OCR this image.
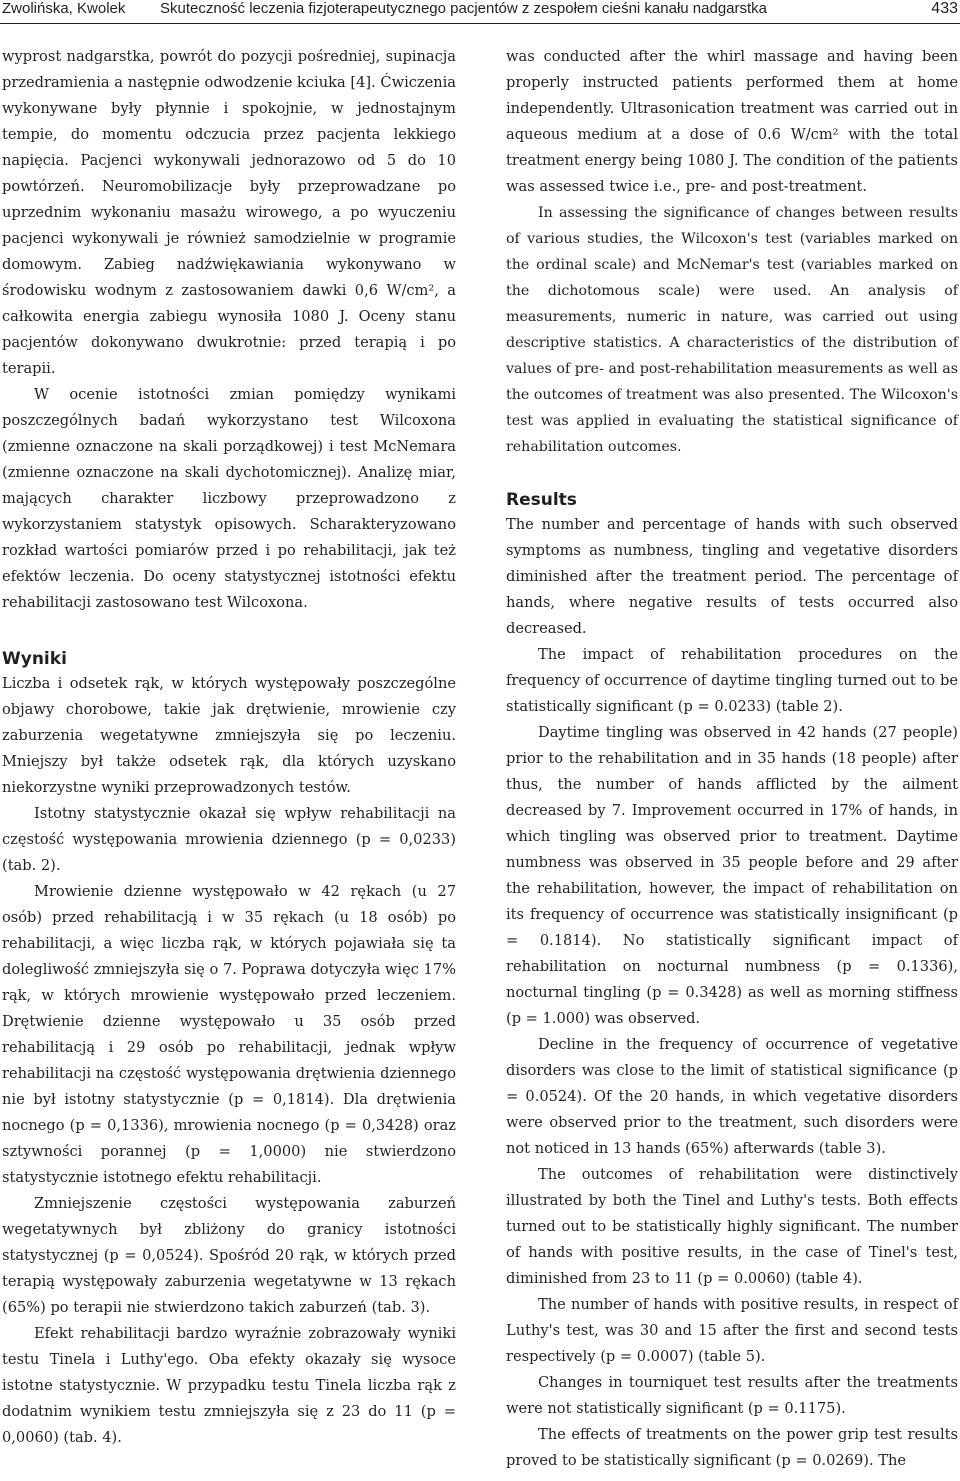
Zwolińska, Kwolek Skuteczność leczenia fizjoterapeutycznego pacjentów z zespołem cieśni kanału nadgarstka	433

wyprost nadgarstka, powrót do pozycji pośredniej, supinacja przedramienia a następnie odwodzenie kciuka [4]. Ćwiczenia wykonywane były płynnie i spokojnie, w jednostajnym tempie, do momentu odczucia przez pacjenta lekkiego napięcia. Pacjenci wykonywali jednorazowo od 5 do 10 powtórzeń. Neuromobilizacje były przeprowadzane po uprzednim wykonaniu masażu wirowego, a po wyuczeniu pacjenci wykonywali je również samodzielnie w programie domowym. Zabieg nadźwiękawiania wykonywano w środowisku wodnym z zastosowaniem dawki 0,6 W/cm², a całkowita energia zabiegu wynosiła 1080 J. Oceny stanu pacjentów dokonywano dwukrotnie: przed terapią i po terapii.

W ocenie istotności zmian pomiędzy wynikami poszczególnych badań wykorzystano test Wilcoxona (zmienne oznaczone na skali porządkowej) i test McNemara (zmienne oznaczone na skali dychotomicznej). Analizę miar, mających charakter liczbowy przeprowadzono z wykorzystaniem statystyk opisowych. Scharakteryzowano rozkład wartości pomiarów przed i po rehabilitacji, jak też efektów leczenia. Do oceny statystycznej istotności efektu rehabilitacji zastosowano test Wilcoxona.

Wyniki

Liczba i odsetek rąk, w których występowały poszczególne objawy chorobowe, takie jak drętwienie, mrowienie czy zaburzenia wegetatywne zmniejszyła się po leczeniu. Mniejszy był także odsetek rąk, dla których uzyskano niekorzystne wyniki przeprowadzonych testów.

Istotny statystycznie okazał się wpływ rehabilitacji na częstość występowania mrowienia dziennego (p = 0,0233) (tab. 2).

Mrowienie dzienne występowało w 42 rękach (u 27 osób) przed rehabilitacją i w 35 rękach (u 18 osób) po rehabilitacji, a więc liczba rąk, w których pojawiała się ta dolegliwość zmniejszyła się o 7. Poprawa dotyczyła więc 17% rąk, w których mrowienie występowało przed leczeniem. Drętwienie dzienne występowało u 35 osób przed rehabilitacją i 29 osób po rehabilitacji, jednak wpływ rehabilitacji na częstość występowania drętwienia dziennego nie był istotny statystycznie (p = 0,1814). Dla drętwienia nocnego (p = 0,1336), mrowienia nocnego (p = 0,3428) oraz sztywności porannej (p = 1,0000) nie stwierdzono statystycznie istotnego efektu rehabilitacji.

Zmniejszenie częstości występowania zaburzeń wegetatywnych był zbliżony do granicy istotności statystycznej (p = 0,0524). Spośród 20 rąk, w których przed terapią występowały zaburzenia wegetatywne w 13 rękach (65%) po terapii nie stwierdzono takich zaburzeń (tab. 3).

Efekt rehabilitacji bardzo wyraźnie zobrazowały wyniki testu Tinela i Luthy'ego. Oba efekty okazały się wysoce istotne statystycznie. W przypadku testu Tinela liczba rąk z dodatnim wynikiem testu zmniejszyła się z 23 do 11 (p = 0,0060) (tab. 4).

was conducted after the whirl massage and having been properly instructed patients performed them at home independently. Ultrasonication treatment was carried out in aqueous medium at a dose of 0.6 W/cm² with the total treatment energy being 1080 J. The condition of the patients was assessed twice i.e., pre- and post-treatment.

In assessing the significance of changes between results of various studies, the Wilcoxon's test (variables marked on the ordinal scale) and McNemar's test (variables marked on the dichotomous scale) were used. An analysis of measurements, numeric in nature, was carried out using descriptive statistics. A characteristics of the distribution of values of pre- and post-rehabilitation measurements as well as the outcomes of treatment was also presented. The Wilcoxon's test was applied in evaluating the statistical significance of rehabilitation outcomes.

Results

The number and percentage of hands with such observed symptoms as numbness, tingling and vegetative disorders diminished after the treatment period. The percentage of hands, where negative results of tests occurred also decreased.

The impact of rehabilitation procedures on the frequency of occurrence of daytime tingling turned out to be statistically significant (p = 0.0233) (table 2).

Daytime tingling was observed in 42 hands (27 people) prior to the rehabilitation and in 35 hands (18 people) after thus, the number of hands afflicted by the ailment decreased by 7. Improvement occurred in 17% of hands, in which tingling was observed prior to treatment. Daytime numbness was observed in 35 people before and 29 after the rehabilitation, however, the impact of rehabilitation on its frequency of occurrence was statistically insignificant (p = 0.1814). No statistically significant impact of rehabilitation on nocturnal numbness (p = 0.1336), nocturnal tingling (p = 0.3428) as well as morning stiffness (p = 1.000) was observed.

Decline in the frequency of occurrence of vegetative disorders was close to the limit of statistical significance (p = 0.0524). Of the 20 hands, in which vegetative disorders were observed prior to the treatment, such disorders were not noticed in 13 hands (65%) afterwards (table 3).

The outcomes of rehabilitation were distinctively illustrated by both the Tinel and Luthy's tests. Both effects turned out to be statistically highly significant. The number of hands with positive results, in the case of Tinel's test, diminished from 23 to 11 (p = 0.0060) (table 4).

The number of hands with positive results, in respect of Luthy's test, was 30 and 15 after the first and second tests respectively (p = 0.0007) (table 5).

Changes in tourniquet test results after the treatments were not statistically significant (p = 0.1175).

The effects of treatments on the power grip test results proved to be statistically significant (p = 0.0269). The
